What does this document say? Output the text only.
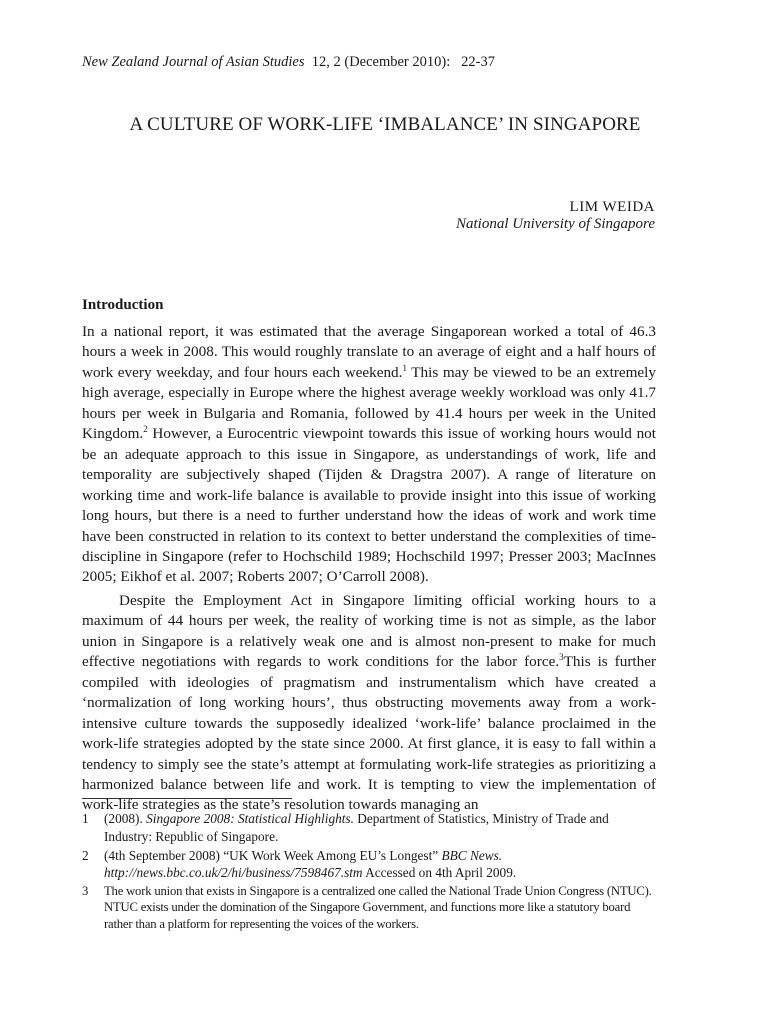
New Zealand Journal of Asian Studies 12, 2 (December 2010): 22-37
A CULTURE OF WORK-LIFE ‘IMBALANCE’ IN SINGAPORE
LIM WEIDA
National University of Singapore
Introduction

In a national report, it was estimated that the average Singaporean worked a total of 46.3 hours a week in 2008. This would roughly translate to an average of eight and a half hours of work every weekday, and four hours each weekend.$^1$ This may be viewed to be an extremely high average, especially in Europe where the highest average weekly workload was only 41.7 hours per week in Bulgaria and Romania, followed by 41.4 hours per week in the United Kingdom.$^2$ However, a Eurocentric viewpoint towards this issue of working hours would not be an adequate approach to this issue in Singapore, as understandings of work, life and temporality are subjectively shaped (Tijden & Dragstra 2007). A range of literature on working time and work-life balance is available to provide insight into this issue of working long hours, but there is a need to further understand how the ideas of work and work time have been constructed in relation to its context to better understand the complexities of time-discipline in Singapore (refer to Hochschild 1989; Hochschild 1997; Presser 2003; MacInnes 2005; Eikhof et al. 2007; Roberts 2007; O’Carroll 2008).

Despite the Employment Act in Singapore limiting official working hours to a maximum of 44 hours per week, the reality of working time is not as simple, as the labor union in Singapore is a relatively weak one and is almost non-present to make for much effective negotiations with regards to work conditions for the labor force.$^3$This is further compiled with ideologies of pragmatism and instrumentalism which have created a ‘normalization of long working hours’, thus obstructing movements away from a work-intensive culture towards the supposedly idealized ‘work-life’ balance proclaimed in the work-life strategies adopted by the state since 2000. At first glance, it is easy to fall within a tendency to simply see the state’s attempt at formulating work-life strategies as prioritizing a harmonized balance between life and work. It is tempting to view the implementation of work-life strategies as the state’s resolution towards managing an

1 (2008). Singapore 2008: Statistical Highlights. Department of Statistics, Ministry of Trade and Industry: Republic of Singapore.
2 (4th September 2008) “UK Work Week Among EU’s Longest” BBC News. http://news.bbc.co.uk/2/hi/business/7598467.stm Accessed on 4th April 2009.
3 The work union that exists in Singapore is a centralized one called the National Trade Union Congress (NTUC). NTUC exists under the domination of the Singapore Government, and functions more like a statutory board rather than a platform for representing the voices of the workers.
